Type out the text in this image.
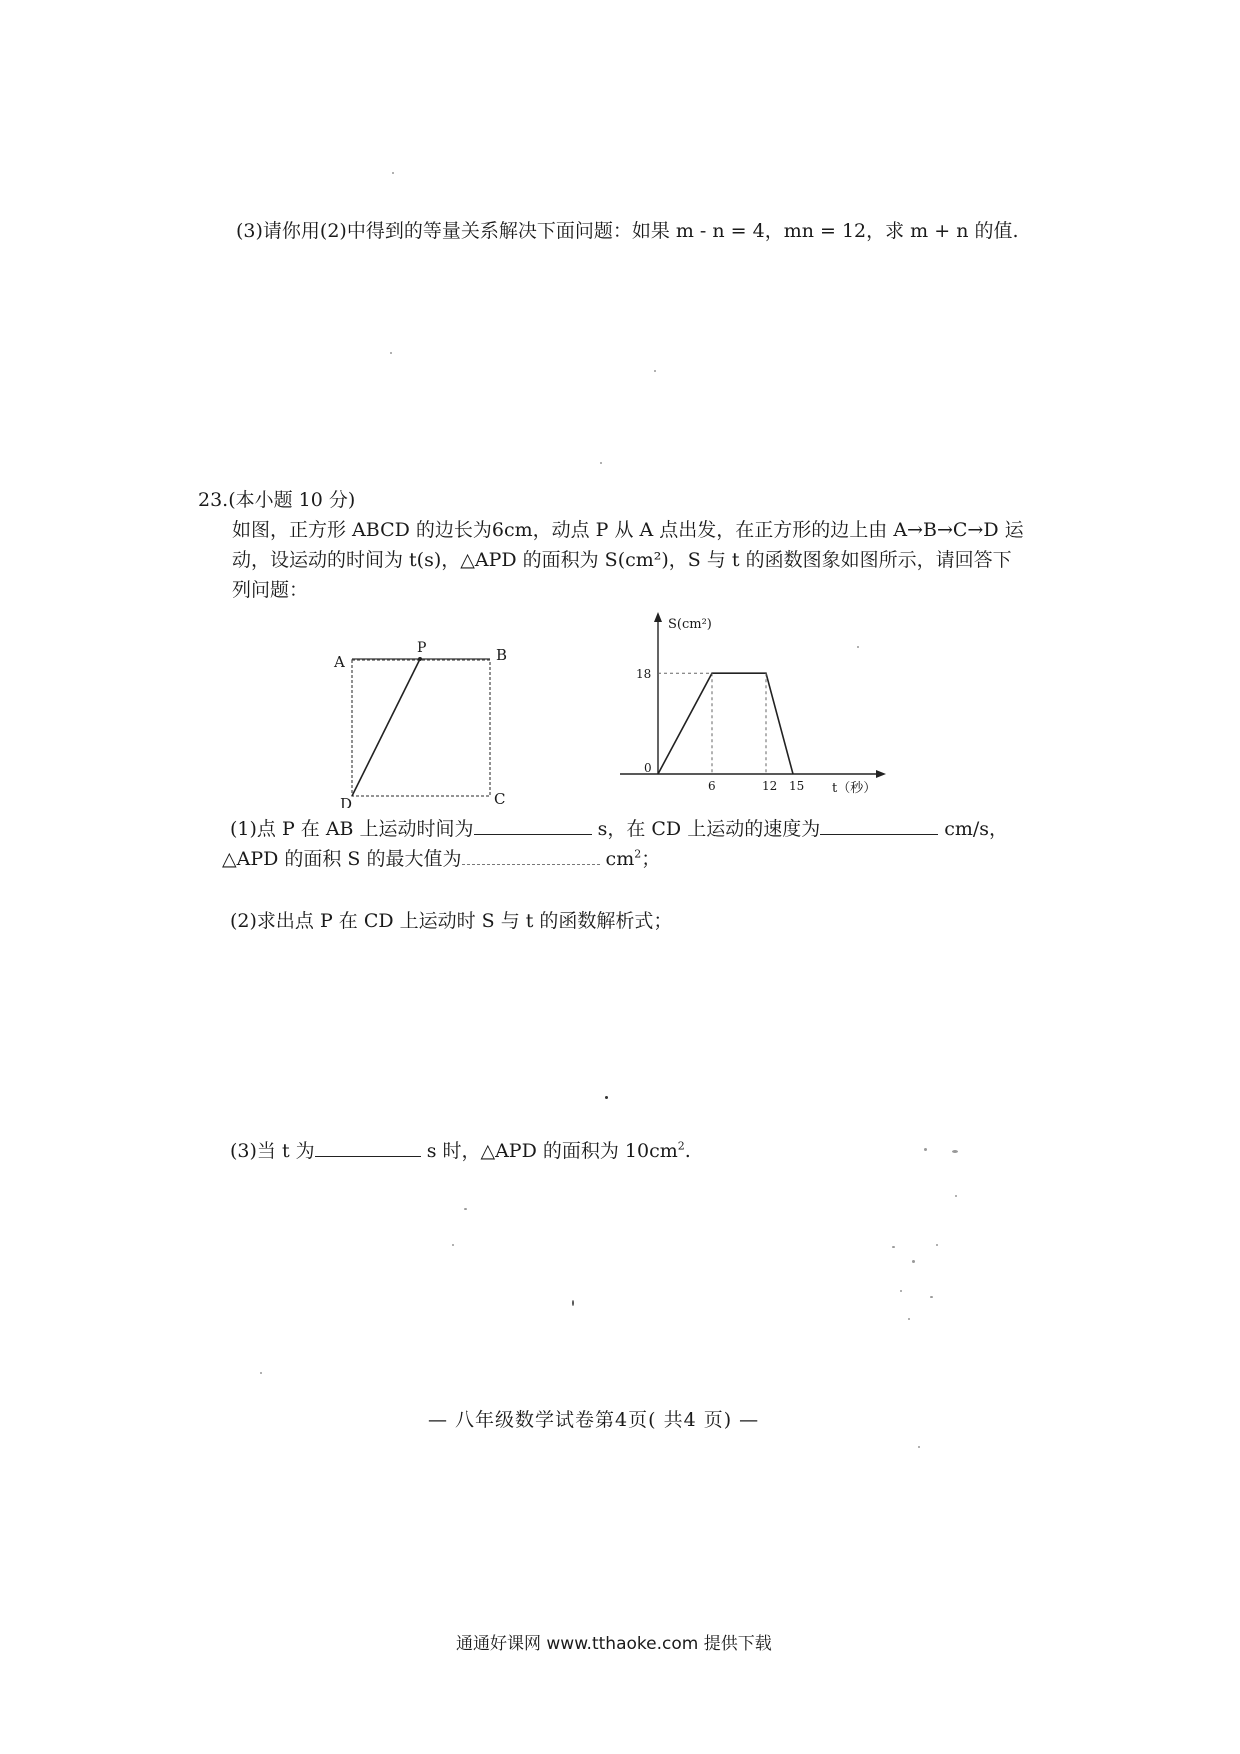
(3)请你用(2)中得到的等量关系解决下面问题：如果 m - n = 4，mn = 12，求 m + n 的值.
23.(本小题 10 分)
如图，正方形 ABCD 的边长为6cm，动点 P 从 A 点出发，在正方形的边上由 A→B→C→D 运
动，设运动的时间为 t(s)，△APD 的面积为 S(cm²)，S 与 t 的函数图象如图所示，请回答下
列问题：
A	B
C
D
P
S(cm²)
t（秒）
0
18
6	12 15
(1)点 P 在 AB 上运动时间为	s，在 CD 上运动的速度为	cm/s，
△APD 的面积 S 的最大值为	$cm^2$；
(2)求出点 P 在 CD 上运动时 S 与 t 的函数解析式；
(3)当 t 为	s 时，△APD 的面积为 $10cm^2$.
— 八年级数学试卷第4页( 共4 页) —
通通好课网 www.tthaoke.com 提供下载
